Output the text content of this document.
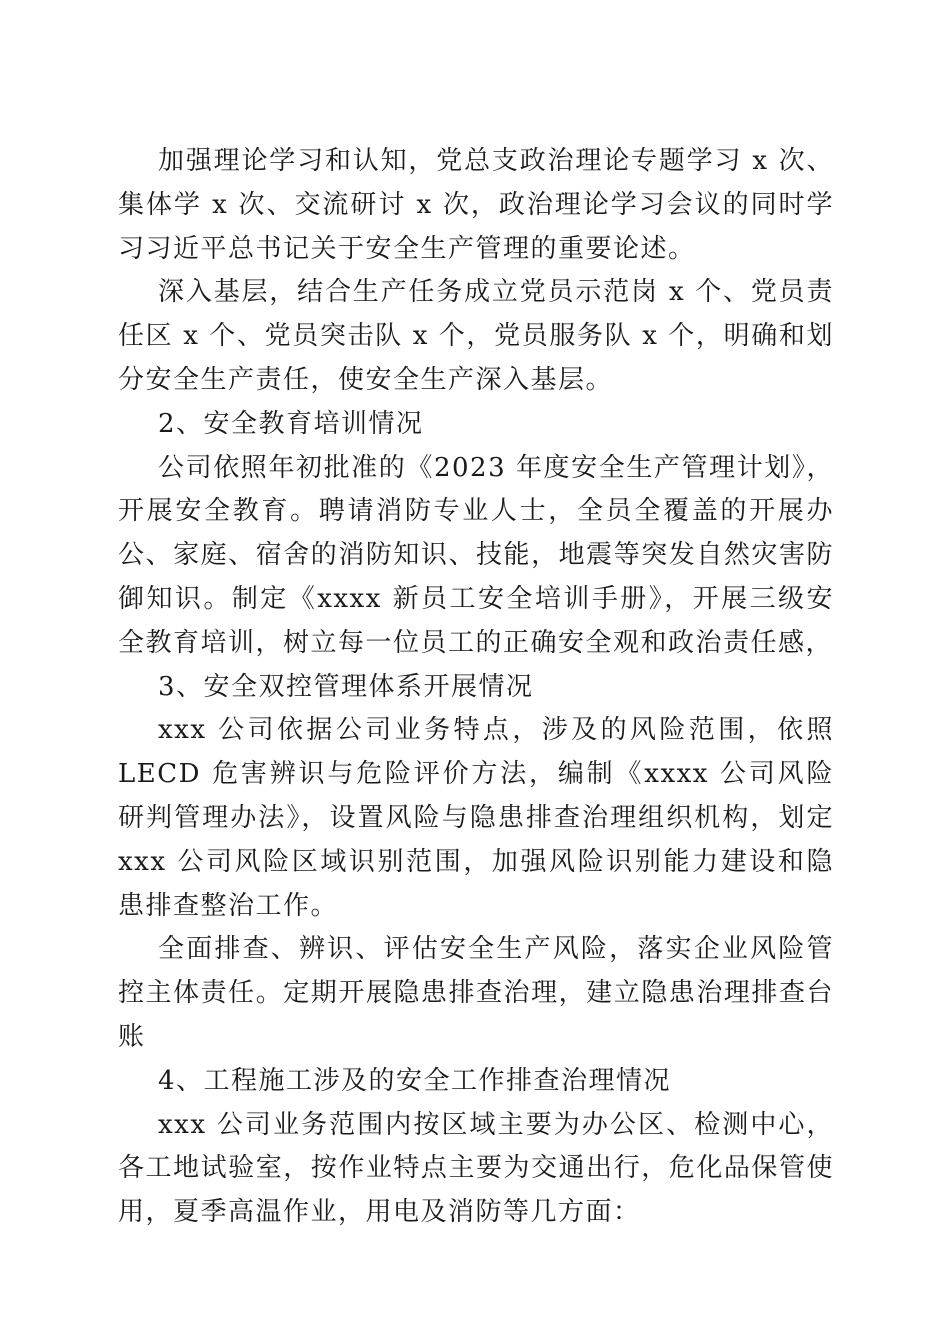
加强理论学习和认知，党总支政治理论专题学习 x 次、集体学 x 次、交流研讨 x 次，政治理论学习会议的同时学习习近平总书记关于安全生产管理的重要论述。

深入基层，结合生产任务成立党员示范岗 x 个、党员责任区 x 个、党员突击队 x 个，党员服务队 x 个，明确和划分安全生产责任，使安全生产深入基层。

2、安全教育培训情况

公司依照年初批准的《2023 年度安全生产管理计划》，开展安全教育。聘请消防专业人士，全员全覆盖的开展办公、家庭、宿舍的消防知识、技能，地震等突发自然灾害防御知识。制定《xxxx 新员工安全培训手册》，开展三级安全教育培训，树立每一位员工的正确安全观和政治责任感，

3、安全双控管理体系开展情况

xxx 公司依据公司业务特点，涉及的风险范围，依照 LECD 危害辨识与危险评价方法，编制《xxxx 公司风险研判管理办法》，设置风险与隐患排查治理组织机构，划定 xxx 公司风险区域识别范围，加强风险识别能力建设和隐患排查整治工作。

全面排查、辨识、评估安全生产风险，落实企业风险管控主体责任。定期开展隐患排查治理，建立隐患治理排查台账

4、工程施工涉及的安全工作排查治理情况

xxx 公司业务范围内按区域主要为办公区、检测中心，各工地试验室，按作业特点主要为交通出行，危化品保管使用，夏季高温作业，用电及消防等几方面：
